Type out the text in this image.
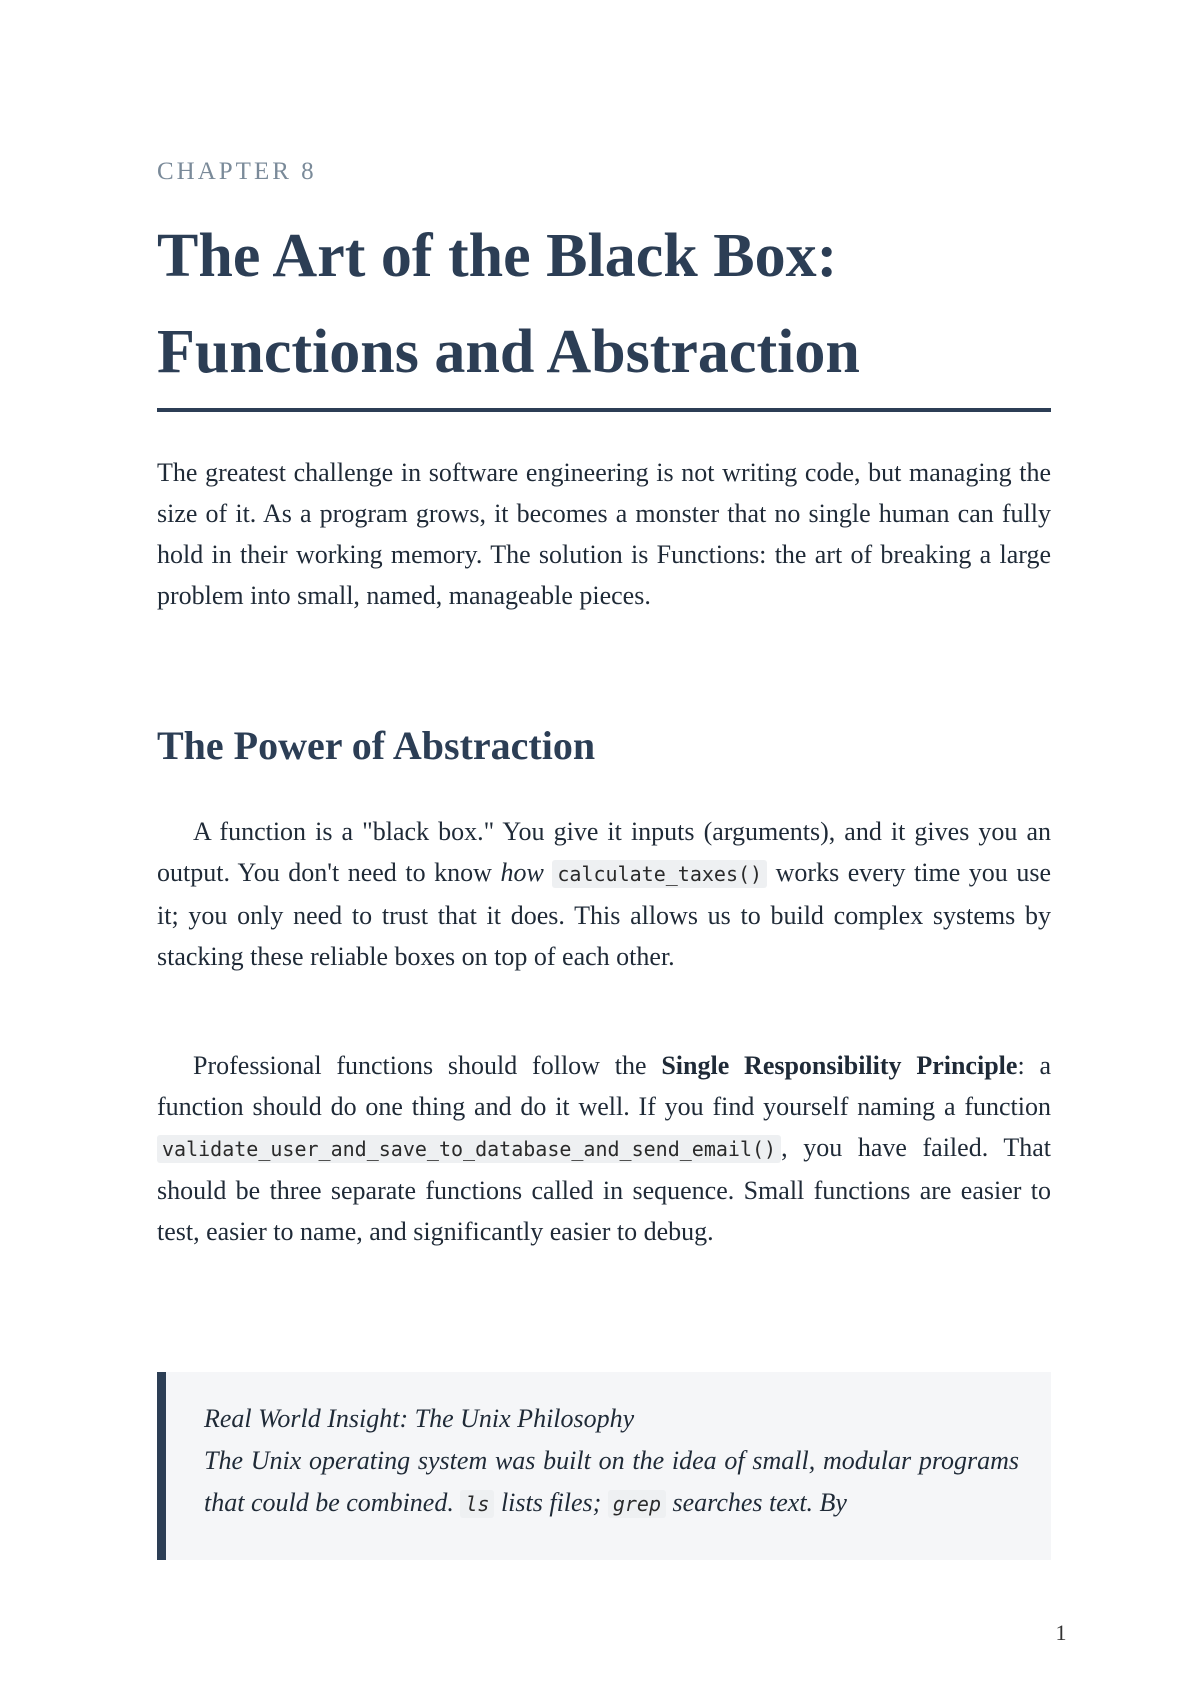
CHAPTER 8
The Art of the Black Box: Functions and Abstraction

The greatest challenge in software engineering is not writing code, but managing the size of it. As a program grows, it becomes a monster that no single human can fully hold in their working memory. The solution is Functions: the art of breaking a large problem into small, named, manageable pieces.

The Power of Abstraction

A function is a "black box." You give it inputs (arguments), and it gives you an output. You don't need to know how calculate_taxes() works every time you use it; you only need to trust that it does. This allows us to build complex systems by stacking these reliable boxes on top of each other.

Professional functions should follow the Single Responsibility Principle: a function should do one thing and do it well. If you find yourself naming a function validate_user_and_save_to_database_and_send_email() , you have failed. That should be three separate functions called in sequence. Small functions are easier to test, easier to name, and significantly easier to debug.

Real World Insight: The Unix Philosophy
The Unix operating system was built on the idea of small, modular programs that could be combined. ls lists files; grep searches text. By
1
